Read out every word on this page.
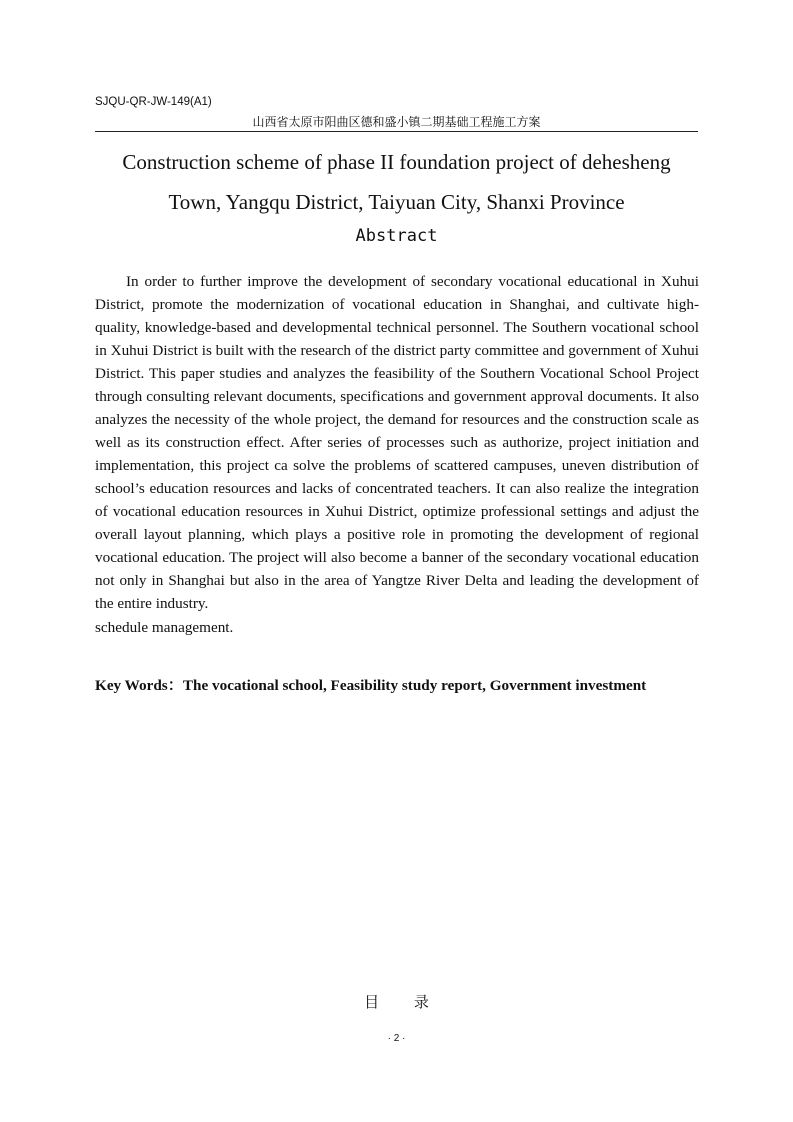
SJQU-QR-JW-149(A1)
山西省太原市阳曲区德和盛小镇二期基础工程施工方案
Construction scheme of phase II foundation project of dehesheng
Town, Yangqu District, Taiyuan City, Shanxi Province
Abstract

In order to further improve the development of secondary vocational educational in Xuhui District, promote the modernization of vocational education in Shanghai, and cultivate high-quality, knowledge-based and developmental technical personnel. The Southern vocational school in Xuhui District is built with the research of the district party committee and government of Xuhui District. This paper studies and analyzes the feasibility of the Southern Vocational School Project through consulting relevant documents, specifications and government approval documents. It also analyzes the necessity of the whole project, the demand for resources and the construction scale as well as its construction effect. After series of processes such as authorize, project initiation and implementation, this project ca solve the problems of scattered campuses, uneven distribution of school’s education resources and lacks of concentrated teachers. It can also realize the integration of vocational education resources in Xuhui District, optimize professional settings and adjust the overall layout planning, which plays a positive role in promoting the development of regional vocational education. The project will also become a banner of the secondary vocational education not only in Shanghai but also in the area of Yangtze River Delta and leading the development of the entire industry.

schedule management.

Key Words：The vocational school, Feasibility study report, Government investment
目 录
· 2 ·
